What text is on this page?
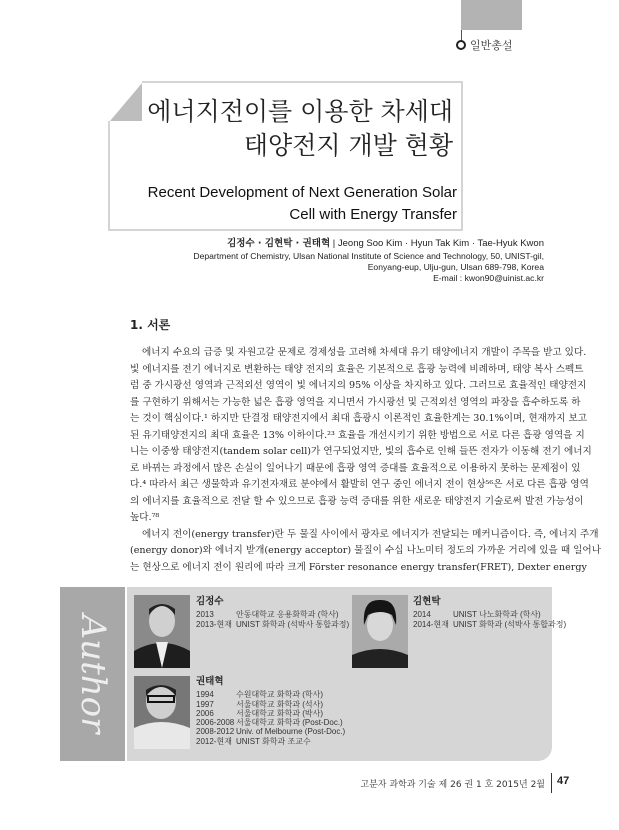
일반총설
에너지전이를 이용한 차세대
태양전지 개발 현황
Recent Development of Next Generation Solar
Cell with Energy Transfer
김정수 · 김현탁 · 권태혁 | Jeong Soo Kim · Hyun Tak Kim · Tae-Hyuk Kwon
Department of Chemistry, Ulsan National Institute of Science and Technology, 50, UNIST-gil,
Eonyang-eup, Ulju-gun, Ulsan 689-798, Korea
E-mail : kwon90@uinist.ac.kr
1. 서론
에너지 수요의 급증 및 자원고갈 문제로 경제성을 고려해 차세대 유기 태양에너지 개발이 주목을 받고 있다.
빛 에너지를 전기 에너지로 변환하는 태양 전지의 효율은 기본적으로 흡광 능력에 비례하며, 태양 복사 스펙트
럼 중 가시광선 영역과 근적외선 영역이 빛 에너지의 95% 이상을 차지하고 있다. 그러므로 효율적인 태양전지
를 구현하기 위해서는 가능한 넓은 흡광 영역을 지니면서 가시광선 및 근적외선 영역의 파장을 흡수하도록 하
는 것이 핵심이다.¹ 하지만 단결정 태양전지에서 최대 흡광시 이론적인 효율한계는 30.1%이며, 현재까지 보고
된 유기태양전지의 최대 효율은 13% 이하이다.²³ 효율을 개선시키기 위한 방법으로 서로 다른 흡광 영역을 지
니는 이중쌍 태양전지(tandem solar cell)가 연구되었지만, 빛의 흡수로 인해 들뜬 전자가 이동해 전기 에너지
로 바뀌는 과정에서 많은 손실이 일어나기 때문에 흡광 영역 증대를 효율적으로 이용하지 못하는 문제점이 있
다.⁴ 따라서 최근 생물학과 유기전자재료 분야에서 활발히 연구 중인 에너지 전이 현상⁵⁶은 서로 다른 흡광 영역
의 에너지를 효율적으로 전달 할 수 있으므로 흡광 능력 증대를 위한 새로운 태양전지 기술로써 발전 가능성이
높다.⁷⁸
에너지 전이(energy transfer)란 두 물질 사이에서 광자로 에너지가 전달되는 메커니즘이다. 즉, 에너지 주개
(energy donor)와 에너지 받개(energy acceptor) 물질이 수십 나노미터 정도의 가까운 거리에 있을 때 일어나
는 현상으로 에너지 전이 원리에 따라 크게 Förster resonance energy transfer(FRET), Dexter energy
Author
김정수
2013	안동대학교 응용화학과 (학사)
2013-현재 UNIST 화학과 (석박사 통합과정)
김현탁
2014	UNIST 나노화학과 (학사)
2014-현재 UNIST 화학과 (석박사 통합과정)
권태혁
1994	수원대학교 화학과 (학사)
1997	서울대학교 화학과 (석사)
2006	서울대학교 화학과 (박사)
2006-2008 서울대학교 화학과 (Post-Doc.)
2008-2012 Univ. of Melbourne (Post-Doc.)
2012-현재 UNIST 화학과 조교수
고분자 과학과 기술 제 26 권 1 호 2015년 2월 47
